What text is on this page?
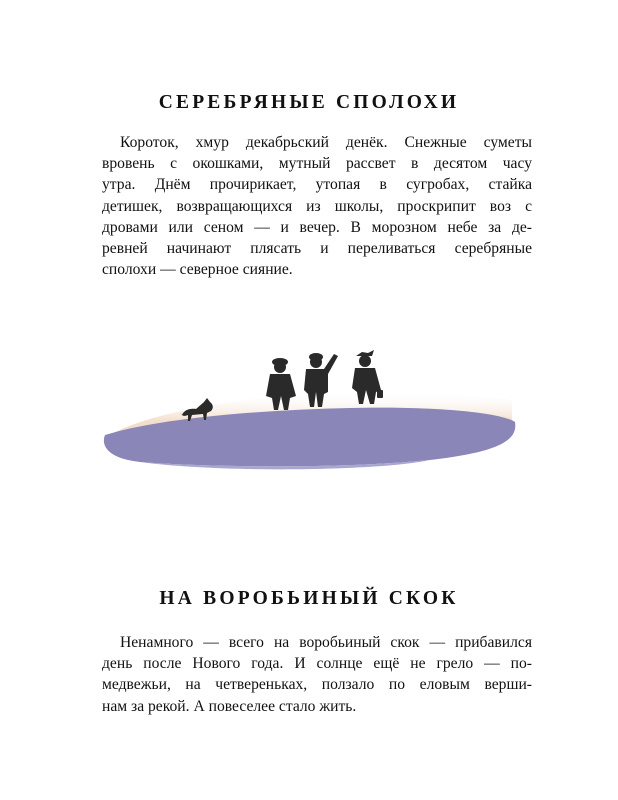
СЕРЕБРЯНЫЕ СПОЛОХИ
Короток, хмур декабрьский денёк. Снежные суметы
вровень с окошками, мутный рассвет в десятом часу
утра. Днём прочирикает, утопая в сугробах, стайка
детишек, возвращающихся из школы, проскрипит воз с
дровами или сеном — и вечер. В морозном небе за де-
ревней начинают плясать и переливаться серебряные
сполохи — северное сияние.
НА ВОРОБЬИНЫЙ СКОК
Ненамного — всего на воробьиный скок — прибавился
день после Нового года. И солнце ещё не грело — по-
медвежьи, на четвереньках, ползало по еловым верши-
нам за рекой. А повеселее стало жить.
